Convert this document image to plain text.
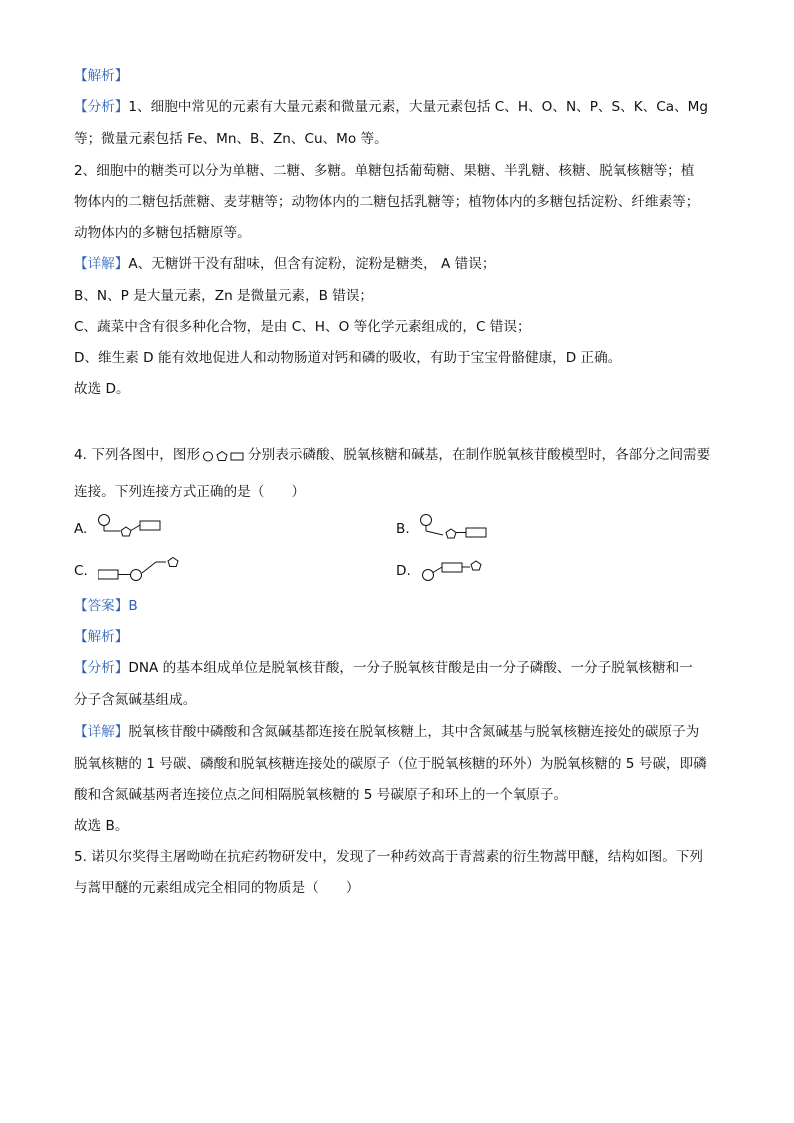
【解析】
【分析】1、细胞中常见的元素有大量元素和微量元素，大量元素包括 C、H、O、N、P、S、K、Ca、Mg
等；微量元素包括 Fe、Mn、B、Zn、Cu、Mo 等。
2、细胞中的糖类可以分为单糖、二糖、多糖。单糖包括葡萄糖、果糖、半乳糖、核糖、脱氧核糖等；植
物体内的二糖包括蔗糖、麦芽糖等；动物体内的二糖包括乳糖等；植物体内的多糖包括淀粉、纤维素等；
动物体内的多糖包括糖原等。
【详解】A、无糖饼干没有甜味，但含有淀粉，淀粉是糖类， A 错误；
B、N、P 是大量元素，Zn 是微量元素，B 错误；
C、蔬菜中含有很多种化合物，是由 C、H、O 等化学元素组成的，C 错误；
D、维生素 D 能有效地促进人和动物肠道对钙和磷的吸收，有助于宝宝骨骼健康，D 正确。
故选 D。
4. 下列各图中，图形	分别表示磷酸、脱氧核糖和碱基，在制作脱氧核苷酸模型时，各部分之间需要
连接。下列连接方式正确的是（　　）
A.	B.
C.	D.
【答案】B
【解析】
【分析】DNA 的基本组成单位是脱氧核苷酸，一分子脱氧核苷酸是由一分子磷酸、一分子脱氧核糖和一
分子含氮碱基组成。
【详解】脱氧核苷酸中磷酸和含氮碱基都连接在脱氧核糖上，其中含氮碱基与脱氧核糖连接处的碳原子为
脱氧核糖的 1 号碳、磷酸和脱氧核糖连接处的碳原子（位于脱氧核糖的环外）为脱氧核糖的 5 号碳，即磷
酸和含氮碱基两者连接位点之间相隔脱氧核糖的 5 号碳原子和环上的一个氧原子。
故选 B。
5. 诺贝尔奖得主屠呦呦在抗疟药物研发中，发现了一种药效高于青蒿素的衍生物蒿甲醚，结构如图。下列
与蒿甲醚的元素组成完全相同的物质是（　　）
